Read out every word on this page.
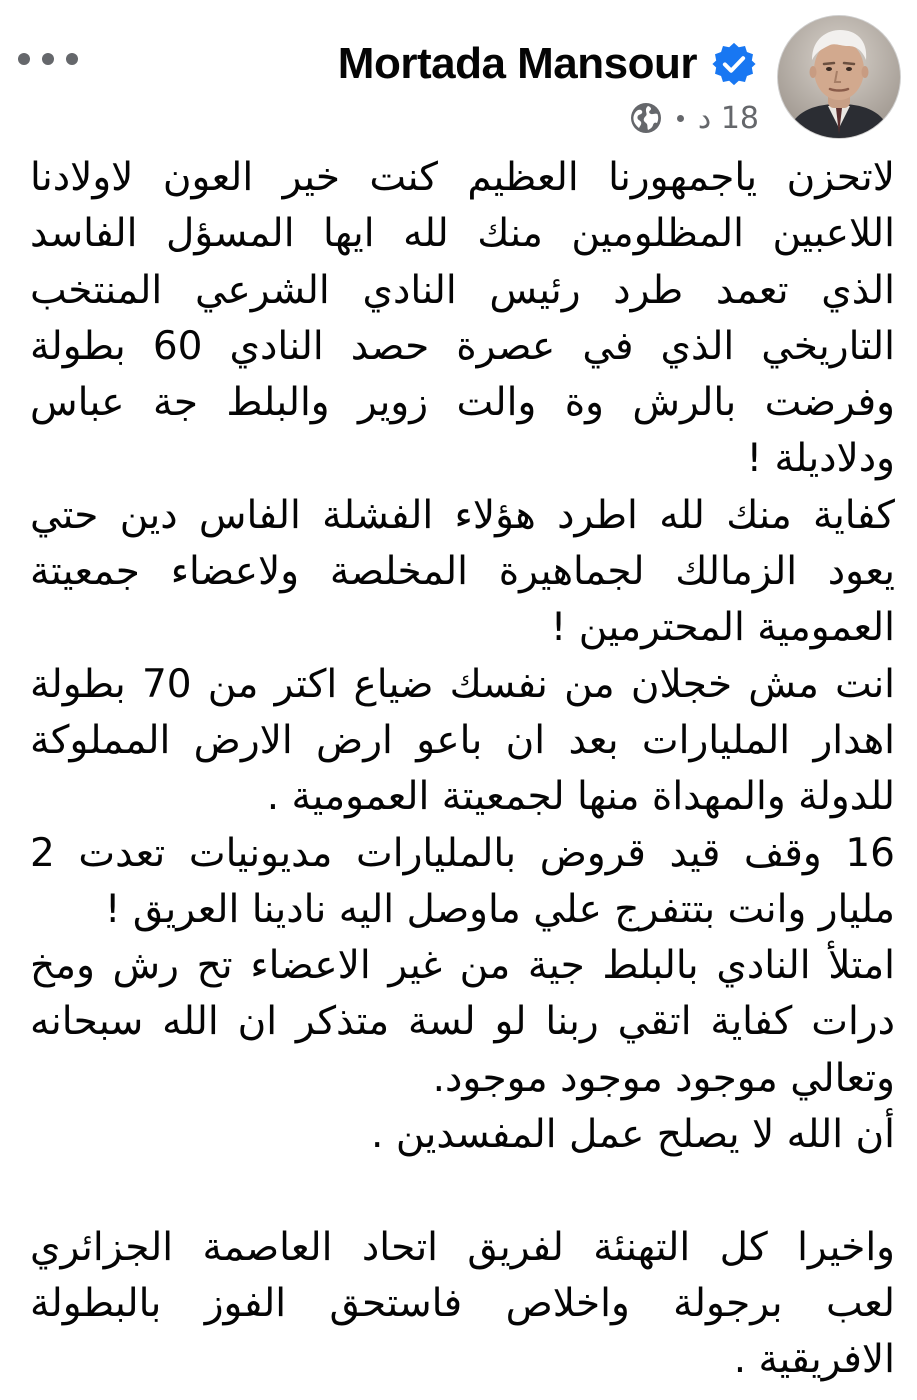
Mortada Mansour
18 د
لاتحزن ياجمهورنا العظيم كنت خير العون لاولادنا
اللاعبين المظلومين منك لله ايها المسؤل الفاسد
الذي تعمد طرد رئيس النادي الشرعي المنتخب
التاريخي الذي في عصرة حصد النادي 60 بطولة
وفرضت بالرش وة والت زوير والبلط جة عباس
ودلاديلة !
كفاية منك لله اطرد هؤلاء الفشلة الفاس دين حتي
يعود الزمالك لجماهيرة المخلصة ولاعضاء جمعيتة
العمومية المحترمين !
انت مش خجلان من نفسك ضياع اكتر من 70 بطولة
اهدار المليارات بعد ان باعو ارض الارض المملوكة
للدولة والمهداة منها لجمعيتة العمومية .
16 وقف قيد قروض بالمليارات مديونيات تعدت 2
مليار وانت بتتفرج علي ماوصل اليه نادينا العريق !
امتلأ النادي بالبلط جية من غير الاعضاء تح رش ومخ
درات كفاية اتقي ربنا لو لسة متذكر ان الله سبحانه
وتعالي موجود موجود موجود.
أن الله لا يصلح عمل المفسدين .
واخيرا كل التهنئة لفريق اتحاد العاصمة الجزائري
لعب برجولة واخلاص فاستحق الفوز بالبطولة
الافريقية .
